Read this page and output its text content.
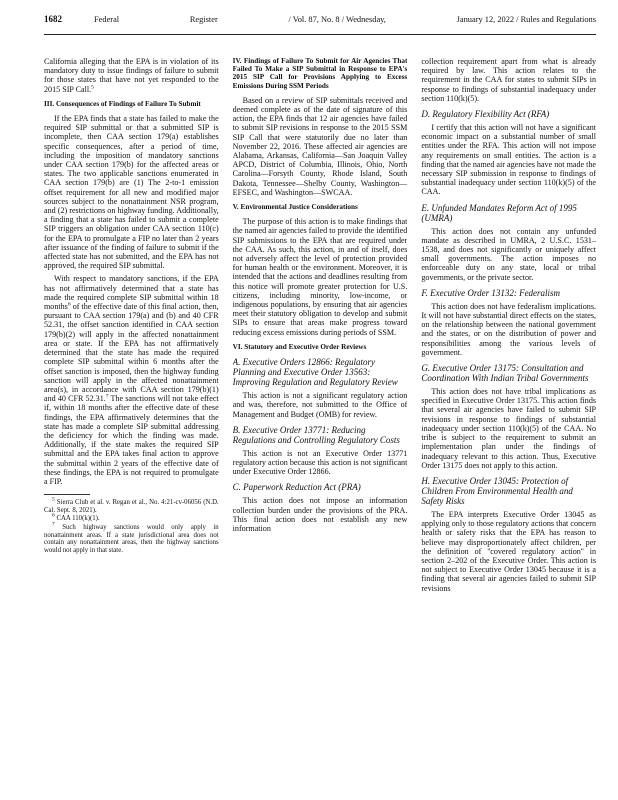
1682	Federal	Register	/ Vol. 87, No. 8 / Wednesday,	January 12, 2022 / Rules and Regulations

California alleging that the EPA is in violation of its mandatory duty to issue findings of failure to submit for those states that have not yet responded to the 2015 SIP Call.$^5$

III. Consequences of Findings of Failure To Submit

If the EPA finds that a state has failed to make the required SIP submittal or that a submitted SIP is incomplete, then CAA section 179(a) establishes specific consequences, after a period of time, including the imposition of mandatory sanctions under CAA section 179(b) for the affected areas or states. The two applicable sanctions enumerated in CAA section 179(b) are (1) The 2-to-1 emission offset requirement for all new and modified major sources subject to the nonattainment NSR program, and (2) restrictions on highway funding. Additionally, a finding that a state has failed to submit a complete SIP triggers an obligation under CAA section 110(c) for the EPA to promulgate a FIP no later than 2 years after issuance of the finding of failure to submit if the affected state has not submitted, and the EPA has not approved, the required SIP submittal.

With respect to mandatory sanctions, if the EPA has not affirmatively determined that a state has made the required complete SIP submittal within 18 months$^6$ of the effective date of this final action, then, pursuant to CAA section 179(a) and (b) and 40 CFR 52.31, the offset sanction identified in CAA section 179(b)(2) will apply in the affected nonattainment area or state. If the EPA has not affirmatively determined that the state has made the required complete SIP submittal within 6 months after the offset sanction is imposed, then the highway funding sanction will apply in the affected nonattainment area(s), in accordance with CAA section 179(b)(1) and 40 CFR 52.31.$^7$ The sanctions will not take effect if, within 18 months after the effective date of these findings, the EPA affirmatively determines that the state has made a complete SIP submittal addressing the deficiency for which the finding was made. Additionally, if the state makes the required SIP submittal and the EPA takes final action to approve the submittal within 2 years of the effective date of these findings, the EPA is not required to promulgate a FIP.

$^5$ Sierra Club et al. v. Regan et al., No. 4:21-cv-06056 (N.D. Cal. Sept. 8, 2021).

$^6$ CAA 110(k)(1).

$^7$ Such highway sanctions would only apply in nonattainment areas. If a state jurisdictional area does not contain any nonattainment areas, then the highway sanctions would not apply in that state.

IV. Findings of Failure To Submit for Air Agencies That Failed To Make a SIP Submittal in Response to EPA's 2015 SIP Call for Provisions Applying to Excess Emissions During SSM Periods

Based on a review of SIP submittals received and deemed complete as of the date of signature of this action, the EPA finds that 12 air agencies have failed to submit SIP revisions in response to the 2015 SSM SIP Call that were statutorily due no later than November 22, 2016. These affected air agencies are Alabama, Arkansas, California—San Joaquin Valley APCD, District of Columbia, Illinois, Ohio, North Carolina—Forsyth County, Rhode Island, South Dakota, Tennessee—Shelby County, Washington—EFSEC, and Washington—SWCAA.

V. Environmental Justice Considerations

The purpose of this action is to make findings that the named air agencies failed to provide the identified SIP submissions to the EPA that are required under the CAA. As such, this action, in and of itself, does not adversely affect the level of protection provided for human health or the environment. Moreover, it is intended that the actions and deadlines resulting from this notice will promote greater protection for U.S. citizens, including minority, low-income, or indigenous populations, by ensuring that air agencies meet their statutory obligation to develop and submit SIPs to ensure that areas make progress toward reducing excess emissions during periods of SSM.

VI. Statutory and Executive Order Reviews
A. Executive Orders 12866: Regulatory Planning and Executive Order 13563: Improving Regulation and Regulatory Review

This action is not a significant regulatory action and was, therefore, not submitted to the Office of Management and Budget (OMB) for review.

B. Executive Order 13771: Reducing Regulations and Controlling Regulatory Costs

This action is not an Executive Order 13771 regulatory action because this action is not significant under Executive Order 12866.

C. Paperwork Reduction Act (PRA)

This action does not impose an information collection burden under the provisions of the PRA. This final action does not establish any new information

collection requirement apart from what is already required by law. This action relates to the requirement in the CAA for states to submit SIPs in response to findings of substantial inadequacy under section 110(k)(5).

D. Regulatory Flexibility Act (RFA)

I certify that this action will not have a significant economic impact on a substantial number of small entities under the RFA. This action will not impose any requirements on small entities. The action is a finding that the named air agencies have not made the necessary SIP submission in response to findings of substantial inadequacy under section 110(k)(5) of the CAA.

E. Unfunded Mandates Reform Act of 1995 (UMRA)

This action does not contain any unfunded mandate as described in UMRA, 2 U.S.C. 1531–1538, and does not significantly or uniquely affect small governments. The action imposes no enforceable duty on any state, local or tribal governments, or the private sector.

F. Executive Order 13132: Federalism

This action does not have federalism implications. It will not have substantial direct effects on the states, on the relationship between the national government and the states, or on the distribution of power and responsibilities among the various levels of government.

G. Executive Order 13175: Consultation and Coordination With Indian Tribal Governments

This action does not have tribal implications as specified in Executive Order 13175. This action finds that several air agencies have failed to submit SIP revisions in response to findings of substantial inadequacy under section 110(k)(5) of the CAA. No tribe is subject to the requirement to submit an implementation plan under the findings of inadequacy relevant to this action. Thus, Executive Order 13175 does not apply to this action.

H. Executive Order 13045: Protection of Children From Environmental Health and Safety Risks

The EPA interprets Executive Order 13045 as applying only to those regulatory actions that concern health or safety risks that the EPA has reason to believe may disproportionately affect children, per the definition of ''covered regulatory action'' in section 2–202 of the Executive Order. This action is not subject to Executive Order 13045 because it is a finding that several air agencies failed to submit SIP revisions
